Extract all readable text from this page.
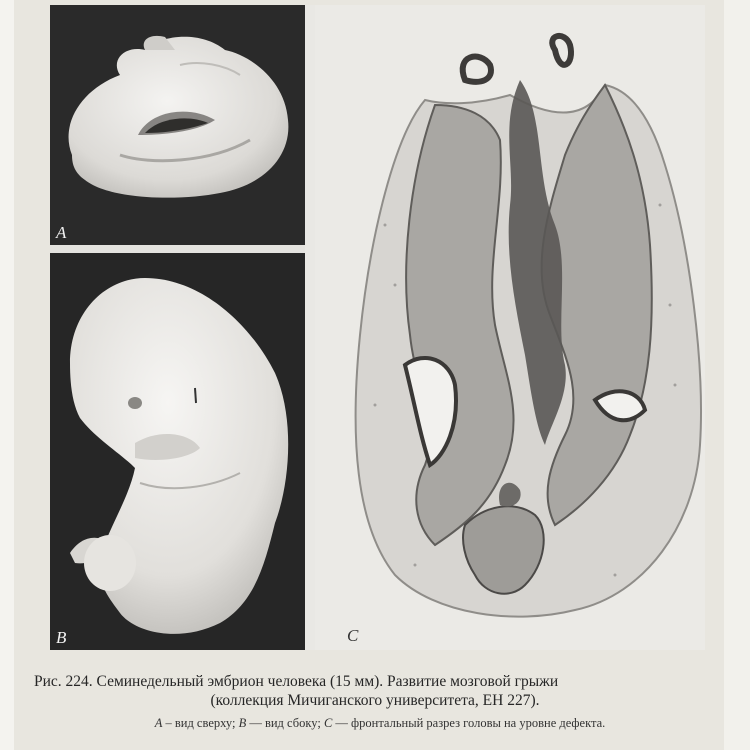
A
B	C
Рис. 224. Семинедельный эмбрион человека (15 мм). Развитие мозговой грыжи
(коллекция Мичиганского университета, EH 227).
A – вид сверху; B — вид сбоку; C — фронтальный разрез головы на уровне дефекта.
